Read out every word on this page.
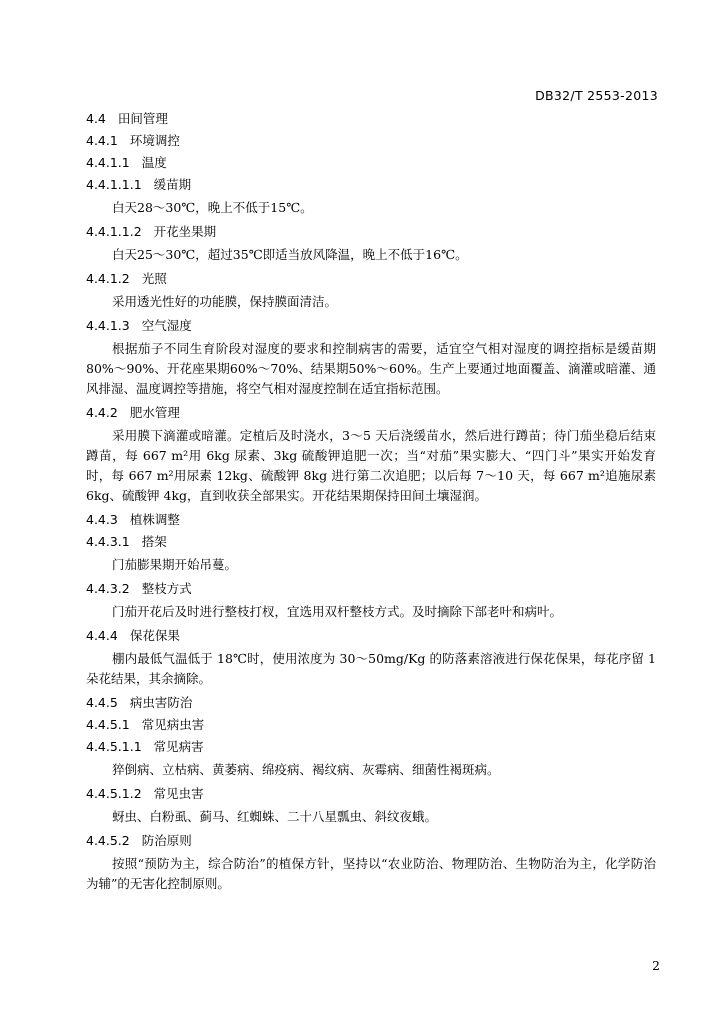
DB32/T 2553-2013
4.4 田间管理
4.4.1 环境调控
4.4.1.1 温度
4.4.1.1.1 缓苗期

白天28～30℃，晚上不低于15℃。

4.4.1.1.2 开花坐果期

白天25～30℃，超过35℃即适当放风降温，晚上不低于16℃。

4.4.1.2 光照

采用透光性好的功能膜，保持膜面清洁。

4.4.1.3 空气湿度

根据茄子不同生育阶段对湿度的要求和控制病害的需要，适宜空气相对湿度的调控指标是缓苗期80%～90%、开花座果期60%～70%、结果期50%～60%。生产上要通过地面覆盖、滴灌或暗灌、通风排湿、温度调控等措施，将空气相对湿度控制在适宜指标范围。

4.4.2 肥水管理

采用膜下滴灌或暗灌。定植后及时浇水，3～5 天后浇缓苗水，然后进行蹲苗；待门茄坐稳后结束蹲苗，每 667 m²用 6kg 尿素、3kg 硫酸钾追肥一次；当“对茄”果实膨大、“四门斗”果实开始发育时，每 667 m²用尿素 12kg、硫酸钾 8kg 进行第二次追肥；以后每 7～10 天，每 667 m²追施尿素 6kg、硫酸钾 4kg，直到收获全部果实。开花结果期保持田间土壤湿润。

4.4.3 植株调整
4.4.3.1 搭架

门茄膨果期开始吊蔓。

4.4.3.2 整枝方式

门茄开花后及时进行整枝打杈，宜选用双杆整枝方式。及时摘除下部老叶和病叶。

4.4.4 保花保果

棚内最低气温低于 18℃时，使用浓度为 30～50mg/Kg 的防落素溶液进行保花保果，每花序留 1 朵花结果，其余摘除。

4.4.5 病虫害防治
4.4.5.1 常见病虫害
4.4.5.1.1 常见病害

猝倒病、立枯病、黄萎病、绵疫病、褐纹病、灰霉病、细菌性褐斑病。

4.4.5.1.2 常见虫害

蚜虫、白粉虱、蓟马、红蜘蛛、二十八星瓢虫、斜纹夜蛾。

4.4.5.2 防治原则

按照“预防为主，综合防治”的植保方针，坚持以“农业防治、物理防治、生物防治为主，化学防治为辅”的无害化控制原则。

2
